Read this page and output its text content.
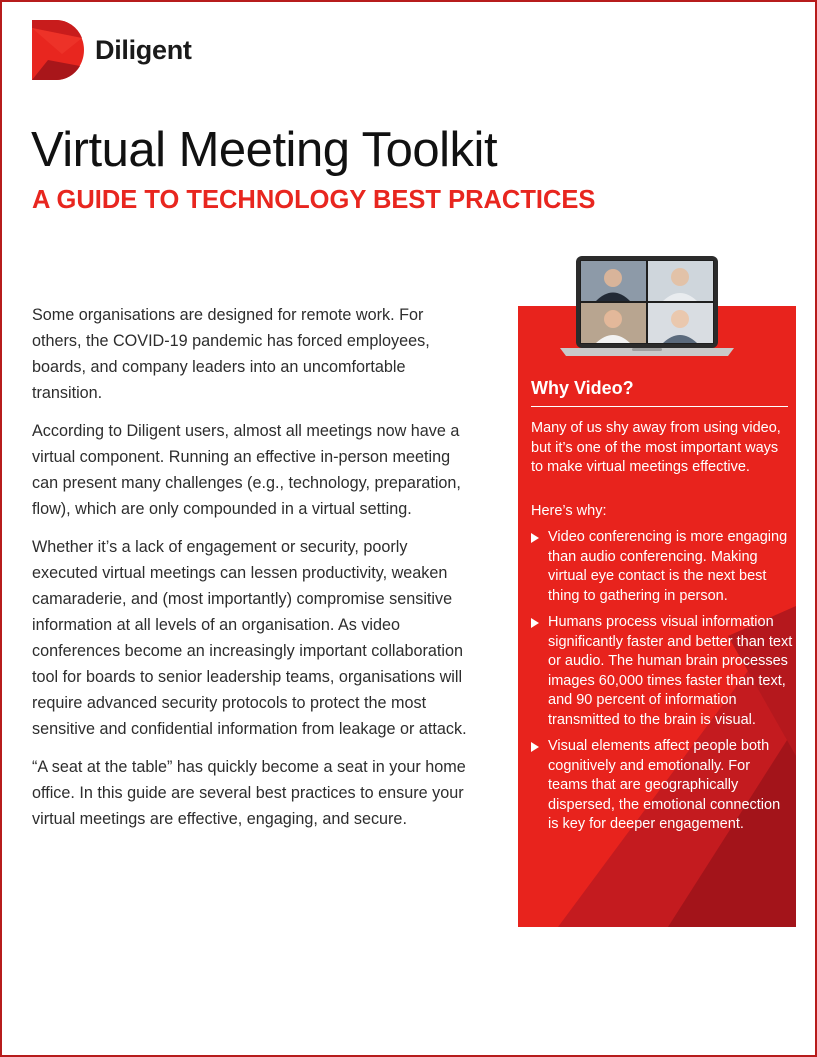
Diligent
Virtual Meeting Toolkit
A GUIDE TO TECHNOLOGY BEST PRACTICES

Some organisations are designed for remote work. For others, the COVID-19 pandemic has forced employees, boards, and company leaders into an uncomfortable transition.

According to Diligent users, almost all meetings now have a virtual component. Running an effective in-person meeting can present many challenges (e.g., technology, preparation, flow), which are only compounded in a virtual setting.

Whether it’s a lack of engagement or security, poorly executed virtual meetings can lessen productivity, weaken camaraderie, and (most importantly) compromise sensitive information at all levels of an organisation. As video conferences become an increasingly important collaboration tool for boards to senior leadership teams, organisations will require advanced security protocols to protect the most sensitive and confidential information from leakage or attack.

“A seat at the table” has quickly become a seat in your home office. In this guide are several best practices to ensure your virtual meetings are effective, engaging, and secure.

Why Video?
Many of us shy away from using video, but it’s one of the most important ways to make virtual meetings effective.
Here’s why:
Video conferencing is more engaging than audio conferencing. Making virtual eye contact is the next best thing to gathering in person.
Humans process visual information significantly faster and better than text or audio. The human brain processes images 60,000 times faster than text, and 90 percent of information transmitted to the brain is visual.
Visual elements affect people both cognitively and emotionally. For teams that are geographically dispersed, the emotional connection is key for deeper engagement.
